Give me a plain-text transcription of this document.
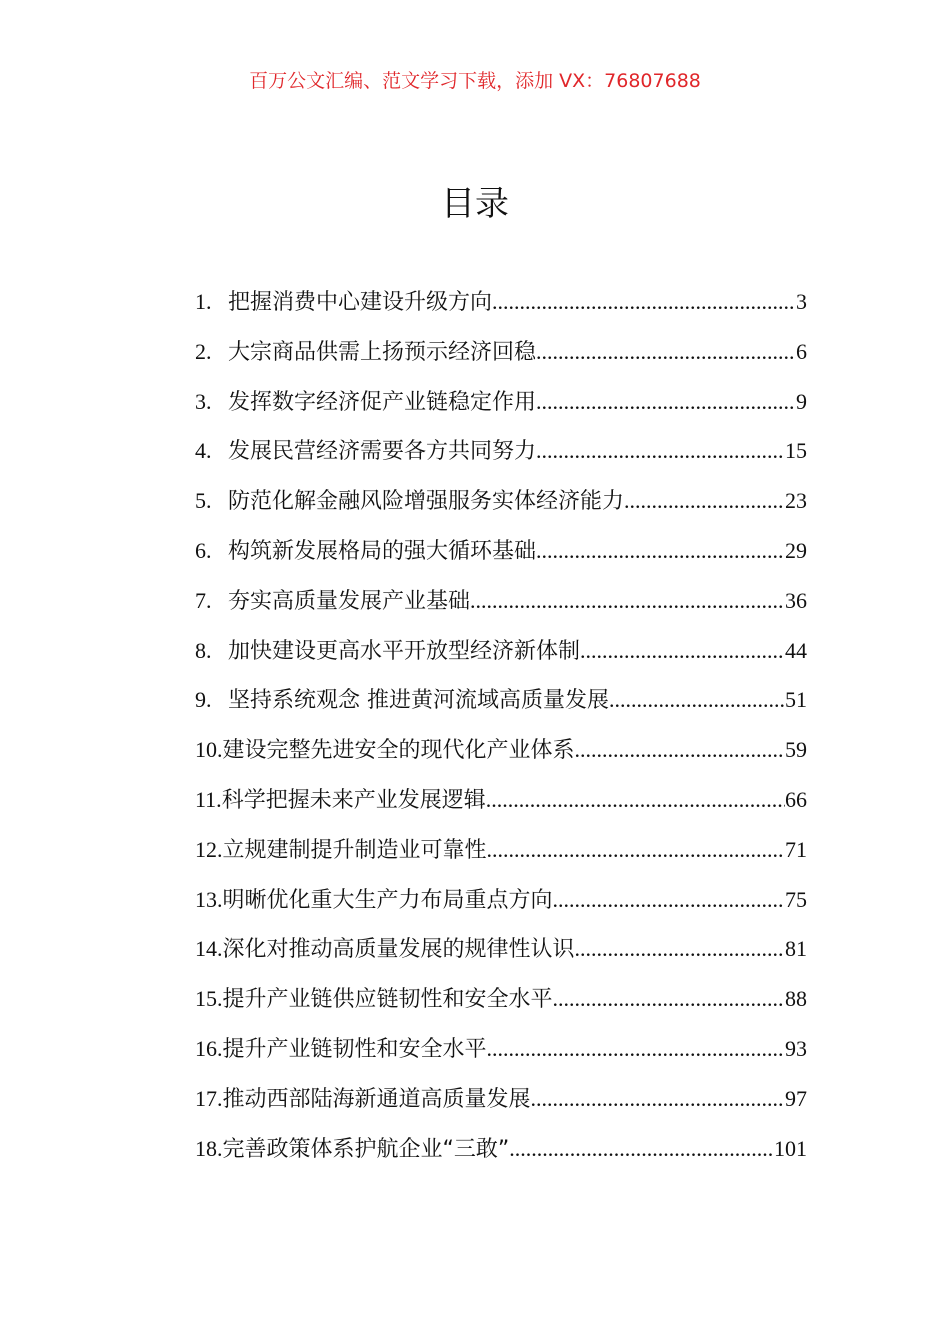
百万公文汇编、范文学习下载，添加 VX：76807688
目录
1. 把握消费中心建设升级方向 .....	3
2. 大宗商品供需上扬预示经济回稳 .....	6
3. 发挥数字经济促产业链稳定作用 .....	9
4. 发展民营经济需要各方共同努力 .....	15
5. 防范化解金融风险增强服务实体经济能力 .....	23
6. 构筑新发展格局的强大循环基础 .....	29
7. 夯实高质量发展产业基础 .....	36
8. 加快建设更高水平开放型经济新体制 .....	44
9. 坚持系统观念 推进黄河流域高质量发展 .....	51
10. 建设完整先进安全的现代化产业体系 .....	59
11. 科学把握未来产业发展逻辑 .....	66
12. 立规建制提升制造业可靠性 .....	71
13. 明晰优化重大生产力布局重点方向 .....	75
14. 深化对推动高质量发展的规律性认识 .....	81
15. 提升产业链供应链韧性和安全水平 .....	88
16. 提升产业链韧性和安全水平 .....	93
17. 推动西部陆海新通道高质量发展 .....	97
18. 完善政策体系护航企业“三敢” .....	101
